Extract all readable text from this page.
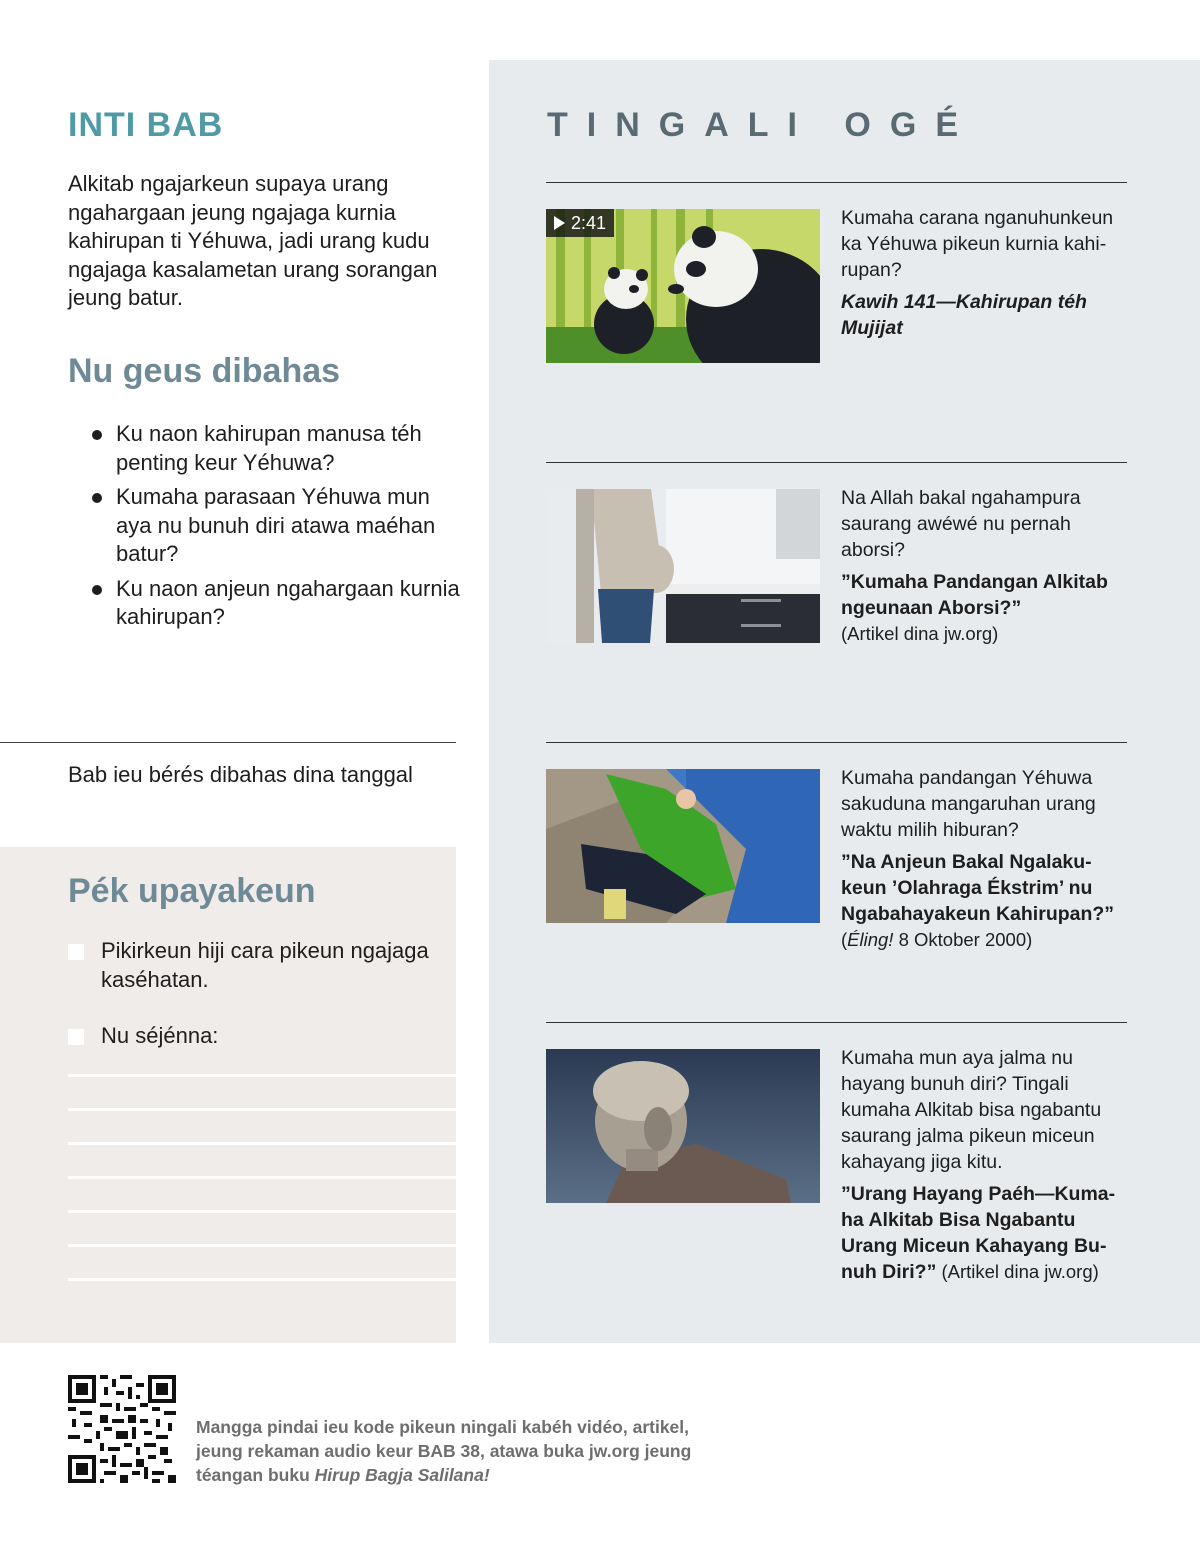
INTI BAB

Alkitab ngajarkeun supaya urang ngahargaan jeung ngajaga kurnia kahirupan ti Yéhuwa, jadi urang kudu ngajaga kasalametan urang sorangan jeung batur.

Nu geus dibahas
Ku naon kahirupan manusa téh penting keur Yéhuwa?
Kumaha parasaan Yéhuwa mun aya nu bunuh diri atawa maéhan batur?
Ku naon anjeun ngahargaan kurnia kahirupan?
Bab ieu bérés dibahas dina tanggal
Pék upayakeun
Pikirkeun hiji cara pikeun ngajaga kaséhatan.
Nu séjénna:
TINGALI OGÉ
2:41	Kumaha carana nganuhunkeun ka Yéhuwa pikeun kurnia kahi-rupan?
Kawih 141—Kahirupan téh Mujijat
Na Allah bakal ngahampura saurang awéwé nu pernah aborsi?
”Kumaha Pandangan Alkitab ngeunaan Aborsi?”
(Artikel dina jw.org)
Kumaha pandangan Yéhuwa sakuduna mangaruhan urang waktu milih hiburan?
”Na Anjeun Bakal Ngalaku-keun ’Olahraga Ékstrim’ nu Ngabahayakeun Kahirupan?”
(Éling! 8 Oktober 2000)
Kumaha mun aya jalma nu hayang bunuh diri? Tingali kumaha Alkitab bisa ngabantu saurang jalma pikeun miceun kahayang jiga kitu.
”Urang Hayang Paéh—Kuma-ha Alkitab Bisa Ngabantu Urang Miceun Kahayang Bu-nuh Diri?” (Artikel dina jw.org)

Mangga pindai ieu kode pikeun ningali kabéh vidéo, artikel, jeung rekaman audio keur BAB 38, atawa buka jw.org jeung téangan buku Hirup Bagja Salilana!
